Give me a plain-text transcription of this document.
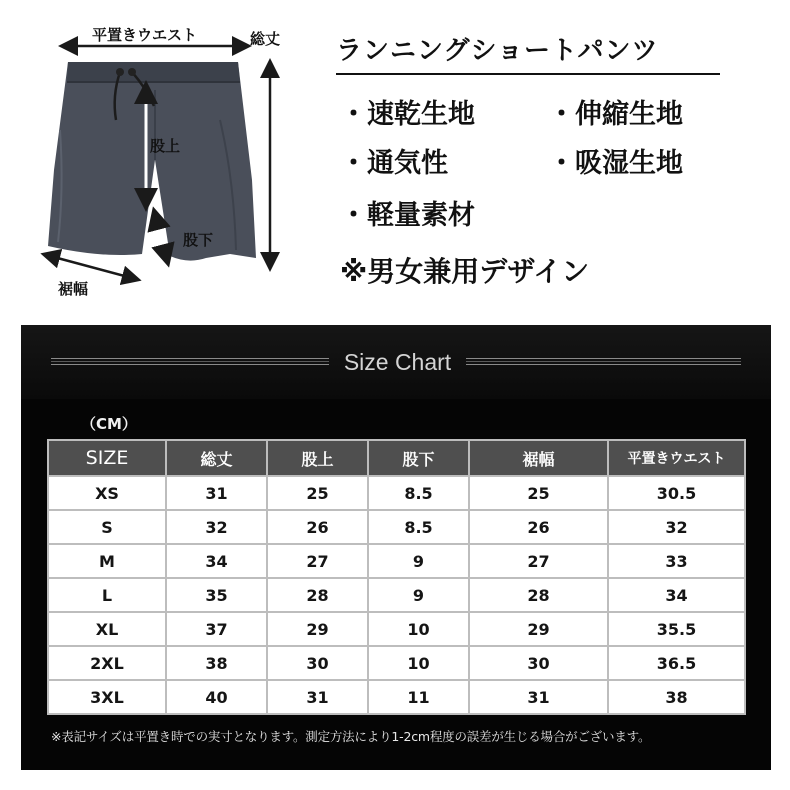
平置きウエスト	総丈
股上
股下
裾幅
ランニングショートパンツ
・速乾生地	・伸縮生地
・通気性	・吸湿生地
・軽量素材
※男女兼用デザイン
Size Chart
（CM）
SIZE	総丈	股上	股下	裾幅	平置きウエスト
XS	31	25	8.5	25	30.5
S	32	26	8.5	26	32
M	34	27	9	27	33
L	35	28	9	28	34
XL	37	29	10	29	35.5
2XL	38	30	10	30	36.5
3XL	40	31	11	31	38
※表記サイズは平置き時での実寸となります。測定方法により1-2cm程度の誤差が生じる場合がございます。
